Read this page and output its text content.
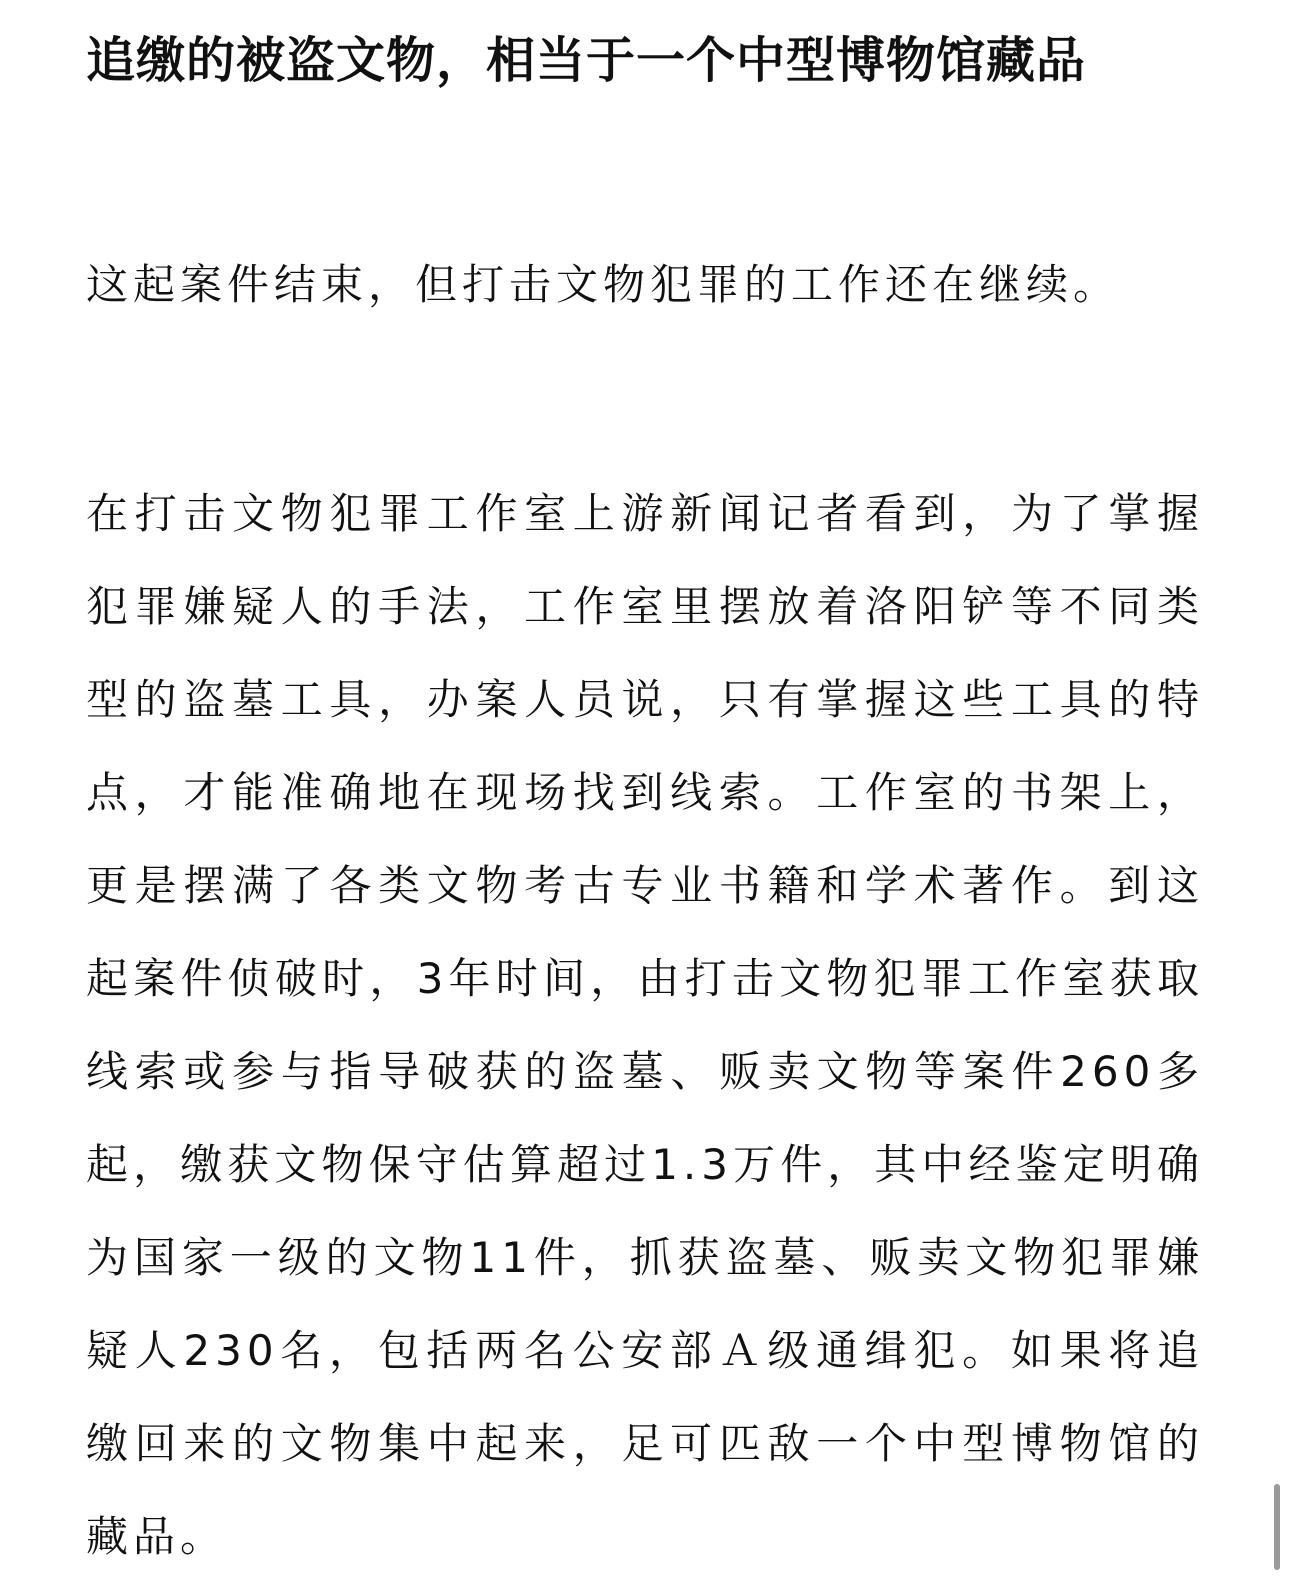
追缴的被盗文物，相当于一个中型博物馆藏品

这起案件结束，但打击文物犯罪的工作还在继续。

在打击文物犯罪工作室上游新闻记者看到，为了掌握犯罪嫌疑人的手法，工作室里摆放着洛阳铲等不同类型的盗墓工具，办案人员说，只有掌握这些工具的特点，才能准确地在现场找到线索。工作室的书架上，更是摆满了各类文物考古专业书籍和学术著作。到这起案件侦破时，3年时间，由打击文物犯罪工作室获取线索或参与指导破获的盗墓、贩卖文物等案件260多起，缴获文物保守估算超过1.3万件，其中经鉴定明确为国家一级的文物11件，抓获盗墓、贩卖文物犯罪嫌疑人230名，包括两名公安部Ａ级通缉犯。如果将追缴回来的文物集中起来，足可匹敌一个中型博物馆的藏品。
